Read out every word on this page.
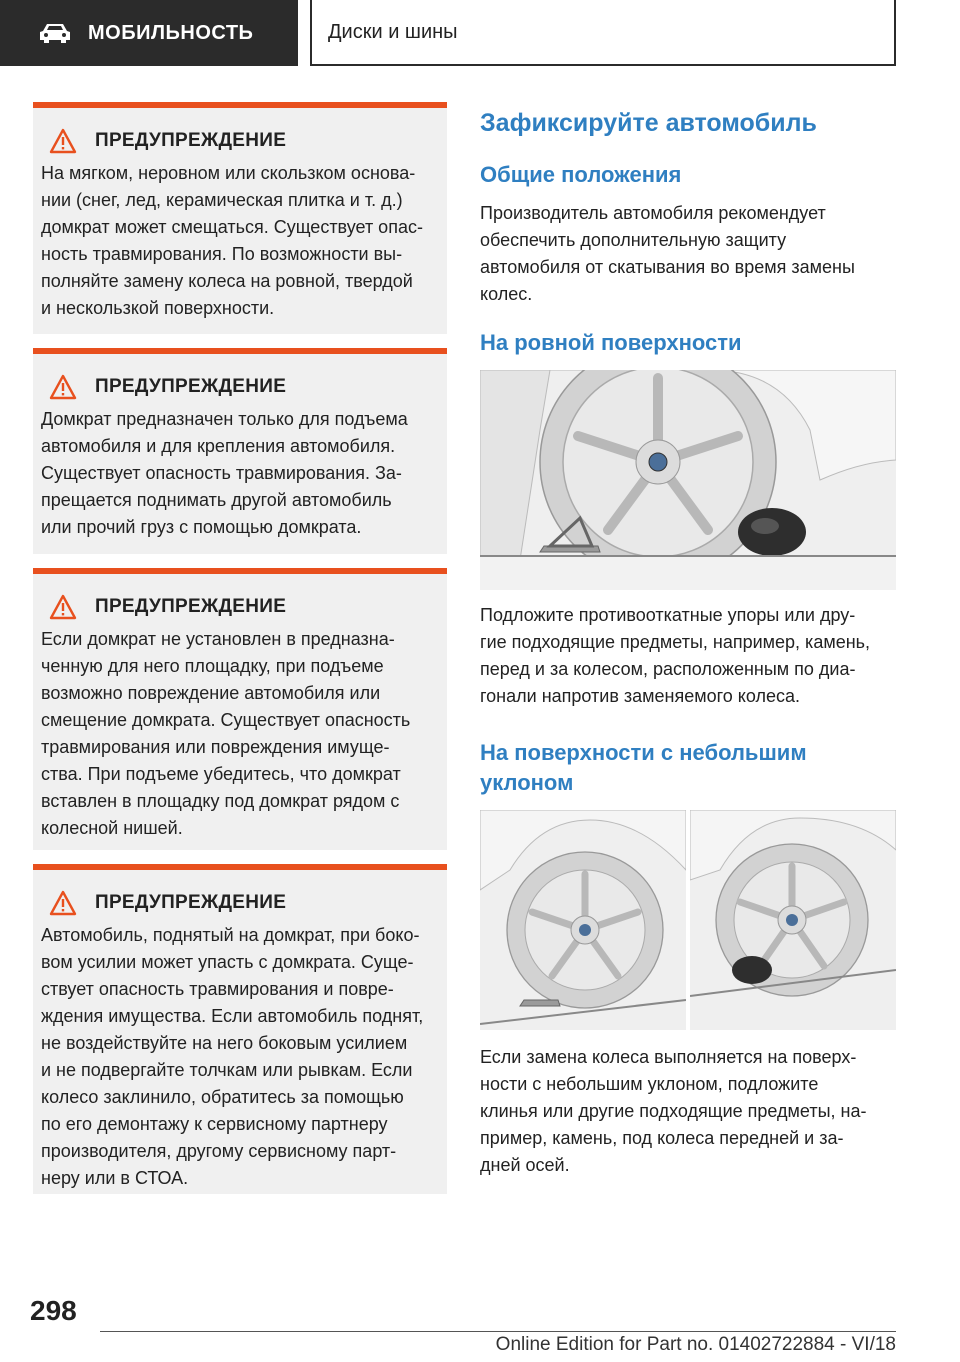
МОБИЛЬНОСТЬ	Диски и шины
ПРЕДУПРЕЖДЕНИЕ
На мягком, неровном или скользком основа-
нии (снег, лед, керамическая плитка и т. д.)
домкрат может смещаться. Существует опас-
ность травмирования. По возможности вы-
полняйте замену колеса на ровной, твердой
и нескользкой поверхности.
ПРЕДУПРЕЖДЕНИЕ
Домкрат предназначен только для подъема
автомобиля и для крепления автомобиля.
Существует опасность травмирования. За-
прещается поднимать другой автомобиль
или прочий груз с помощью домкрата.
ПРЕДУПРЕЖДЕНИЕ
Если домкрат не установлен в предназна-
ченную для него площадку, при подъеме
возможно повреждение автомобиля или
смещение домкрата. Существует опасность
травмирования или повреждения имуще-
ства. При подъеме убедитесь, что домкрат
вставлен в площадку под домкрат рядом с
колесной нишей.
ПРЕДУПРЕЖДЕНИЕ
Автомобиль, поднятый на домкрат, при боко-
вом усилии может упасть с домкрата. Суще-
ствует опасность травмирования и повре-
ждения имущества. Если автомобиль поднят,
не воздействуйте на него боковым усилием
и не подвергайте толчкам или рывкам. Если
колесо заклинило, обратитесь за помощью
по его демонтажу к сервисному партнеру
производителя, другому сервисному парт-
неру или в СТОА.
Зафиксируйте автомобиль
Общие положения
Производитель автомобиля рекомендует
обеспечить дополнительную защиту
автомобиля от скатывания во время замены
колес.
На ровной поверхности
Подложите противооткатные упоры или дру-
гие подходящие предметы, например, камень,
перед и за колесом, расположенным по диа-
гонали напротив заменяемого колеса.
На поверхности с небольшим
уклоном
Если замена колеса выполняется на поверх-
ности с небольшим уклоном, подложите
клинья или другие подходящие предметы, на-
пример, камень, под колеса передней и за-
дней осей.
298
Online Edition for Part no. 01402722884 - VI/18
